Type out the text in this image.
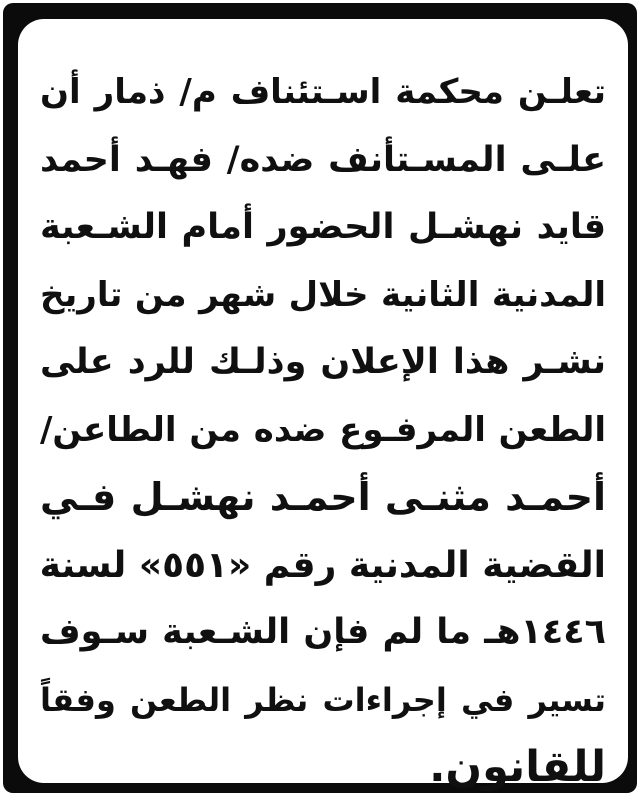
تعلـن محكمة اسـتئناف م/ ذمار أن
علـى المسـتأنف ضده/ فهـد أحمد
قايد نهشـل الحضور أمام الشـعبة
المدنية الثانية خلال شهر من تاريخ
نشـر هذا الإعلان وذلـك للرد على
الطعن المرفـوع ضده من الطاعن/
أحمـد مثنـى أحمـد نهشـل فـي
القضية المدنية رقم «٥٥١» لسنة
١٤٤٦هـ ما لم فإن الشـعبة سـوف
تسير في إجراءات نظر الطعن وفقاً
للقانون.
